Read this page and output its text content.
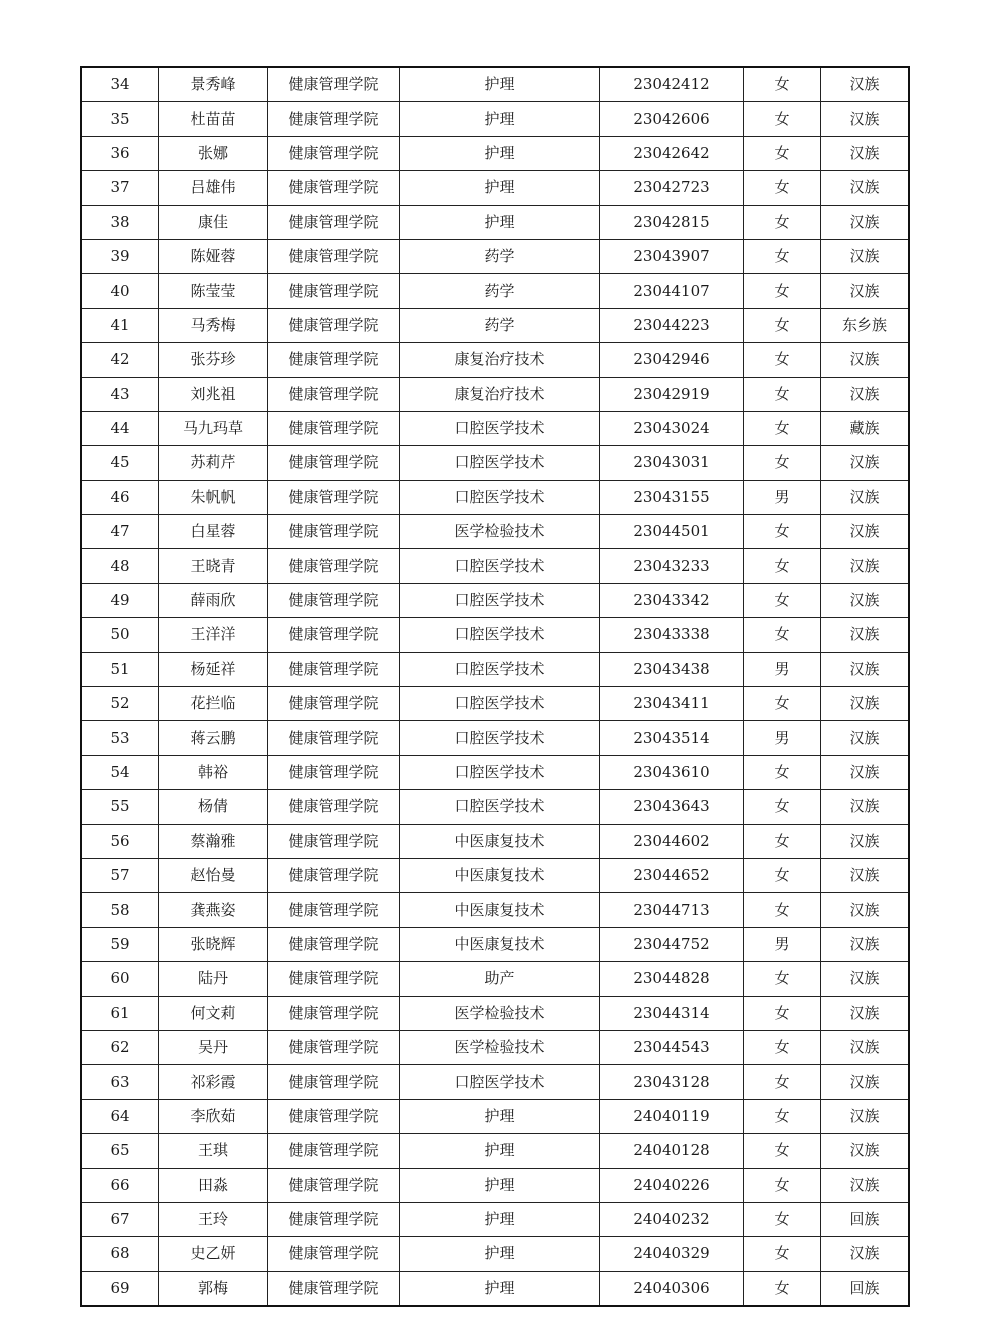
34	景秀峰	健康管理学院	护理	23042412	女	汉族
35	杜苗苗	健康管理学院	护理	23042606	女	汉族
36	张娜	健康管理学院	护理	23042642	女	汉族
37	吕雄伟	健康管理学院	护理	23042723	女	汉族
38	康佳	健康管理学院	护理	23042815	女	汉族
39	陈娅蓉	健康管理学院	药学	23043907	女	汉族
40	陈莹莹	健康管理学院	药学	23044107	女	汉族
41	马秀梅	健康管理学院	药学	23044223	女	东乡族
42	张芬珍	健康管理学院	康复治疗技术	23042946	女	汉族
43	刘兆祖	健康管理学院	康复治疗技术	23042919	女	汉族
44	马九玛草	健康管理学院	口腔医学技术	23043024	女	藏族
45	苏莉芹	健康管理学院	口腔医学技术	23043031	女	汉族
46	朱帆帆	健康管理学院	口腔医学技术	23043155	男	汉族
47	白星蓉	健康管理学院	医学检验技术	23044501	女	汉族
48	王晓青	健康管理学院	口腔医学技术	23043233	女	汉族
49	薛雨欣	健康管理学院	口腔医学技术	23043342	女	汉族
50	王洋洋	健康管理学院	口腔医学技术	23043338	女	汉族
51	杨延祥	健康管理学院	口腔医学技术	23043438	男	汉族
52	花拦临	健康管理学院	口腔医学技术	23043411	女	汉族
53	蒋云鹏	健康管理学院	口腔医学技术	23043514	男	汉族
54	韩裕	健康管理学院	口腔医学技术	23043610	女	汉族
55	杨倩	健康管理学院	口腔医学技术	23043643	女	汉族
56	蔡瀚雅	健康管理学院	中医康复技术	23044602	女	汉族
57	赵怡曼	健康管理学院	中医康复技术	23044652	女	汉族
58	龚燕姿	健康管理学院	中医康复技术	23044713	女	汉族
59	张晓辉	健康管理学院	中医康复技术	23044752	男	汉族
60	陆丹	健康管理学院	助产	23044828	女	汉族
61	何文莉	健康管理学院	医学检验技术	23044314	女	汉族
62	吴丹	健康管理学院	医学检验技术	23044543	女	汉族
63	祁彩霞	健康管理学院	口腔医学技术	23043128	女	汉族
64	李欣茹	健康管理学院	护理	24040119	女	汉族
65	王琪	健康管理学院	护理	24040128	女	汉族
66	田淼	健康管理学院	护理	24040226	女	汉族
67	王玲	健康管理学院	护理	24040232	女	回族
68	史乙妍	健康管理学院	护理	24040329	女	汉族
69	郭梅	健康管理学院	护理	24040306	女	回族
